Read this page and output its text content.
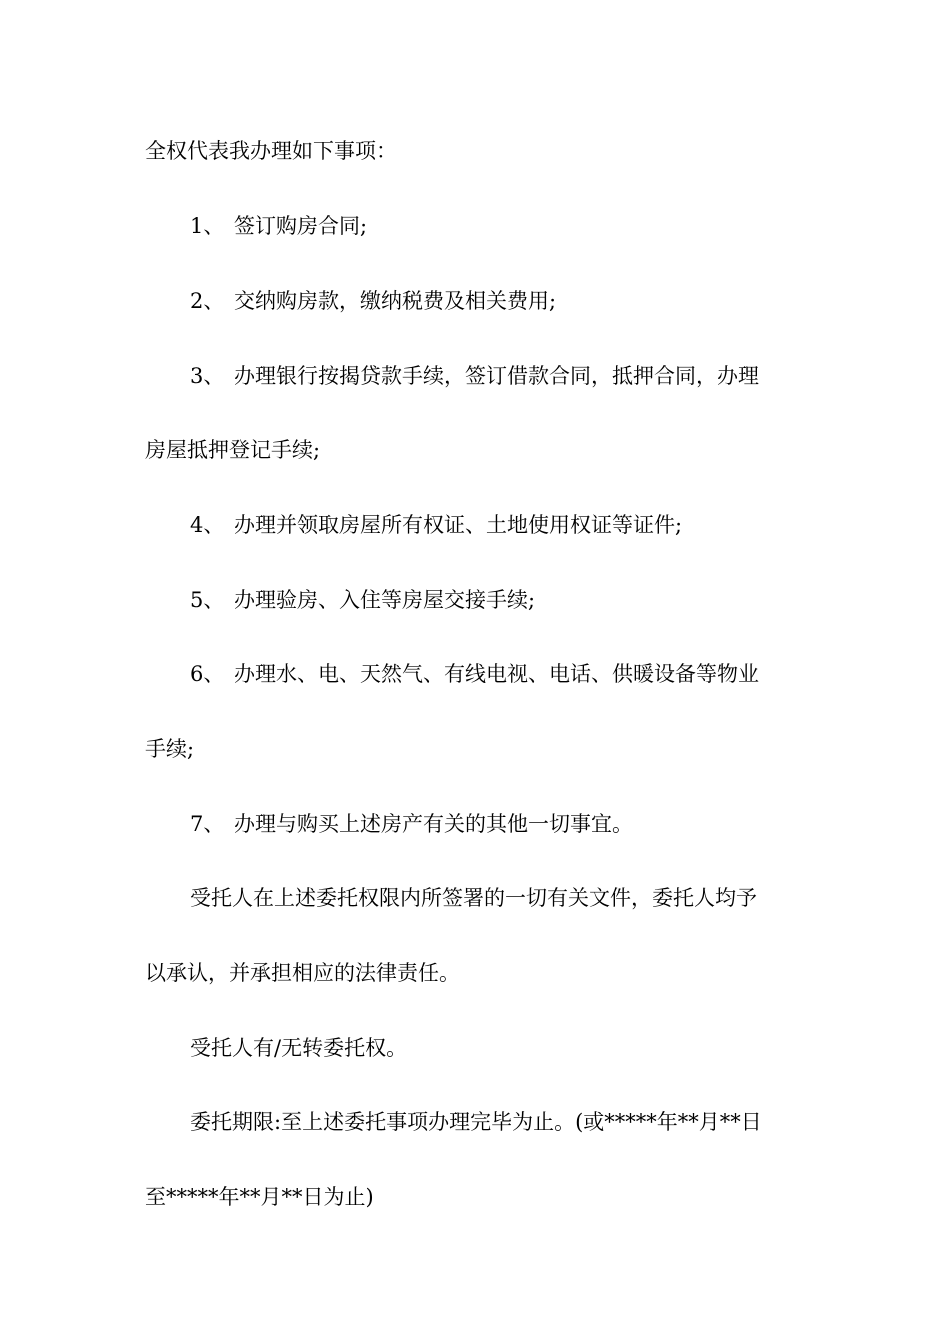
全权代表我办理如下事项：
1、 签订购房合同;
2、 交纳购房款，缴纳税费及相关费用;
3、 办理银行按揭贷款手续，签订借款合同，抵押合同，办理
房屋抵押登记手续;
4、 办理并领取房屋所有权证、土地使用权证等证件;
5、 办理验房、入住等房屋交接手续;
6、 办理水、电、天然气、有线电视、电话、供暖设备等物业
手续;
7、 办理与购买上述房产有关的其他一切事宜。
受托人在上述委托权限内所签署的一切有关文件，委托人均予
以承认，并承担相应的法律责任。
受托人有/无转委托权。
委托期限:至上述委托事项办理完毕为止。(或*****年**月**日
至*****年**月**日为止)
